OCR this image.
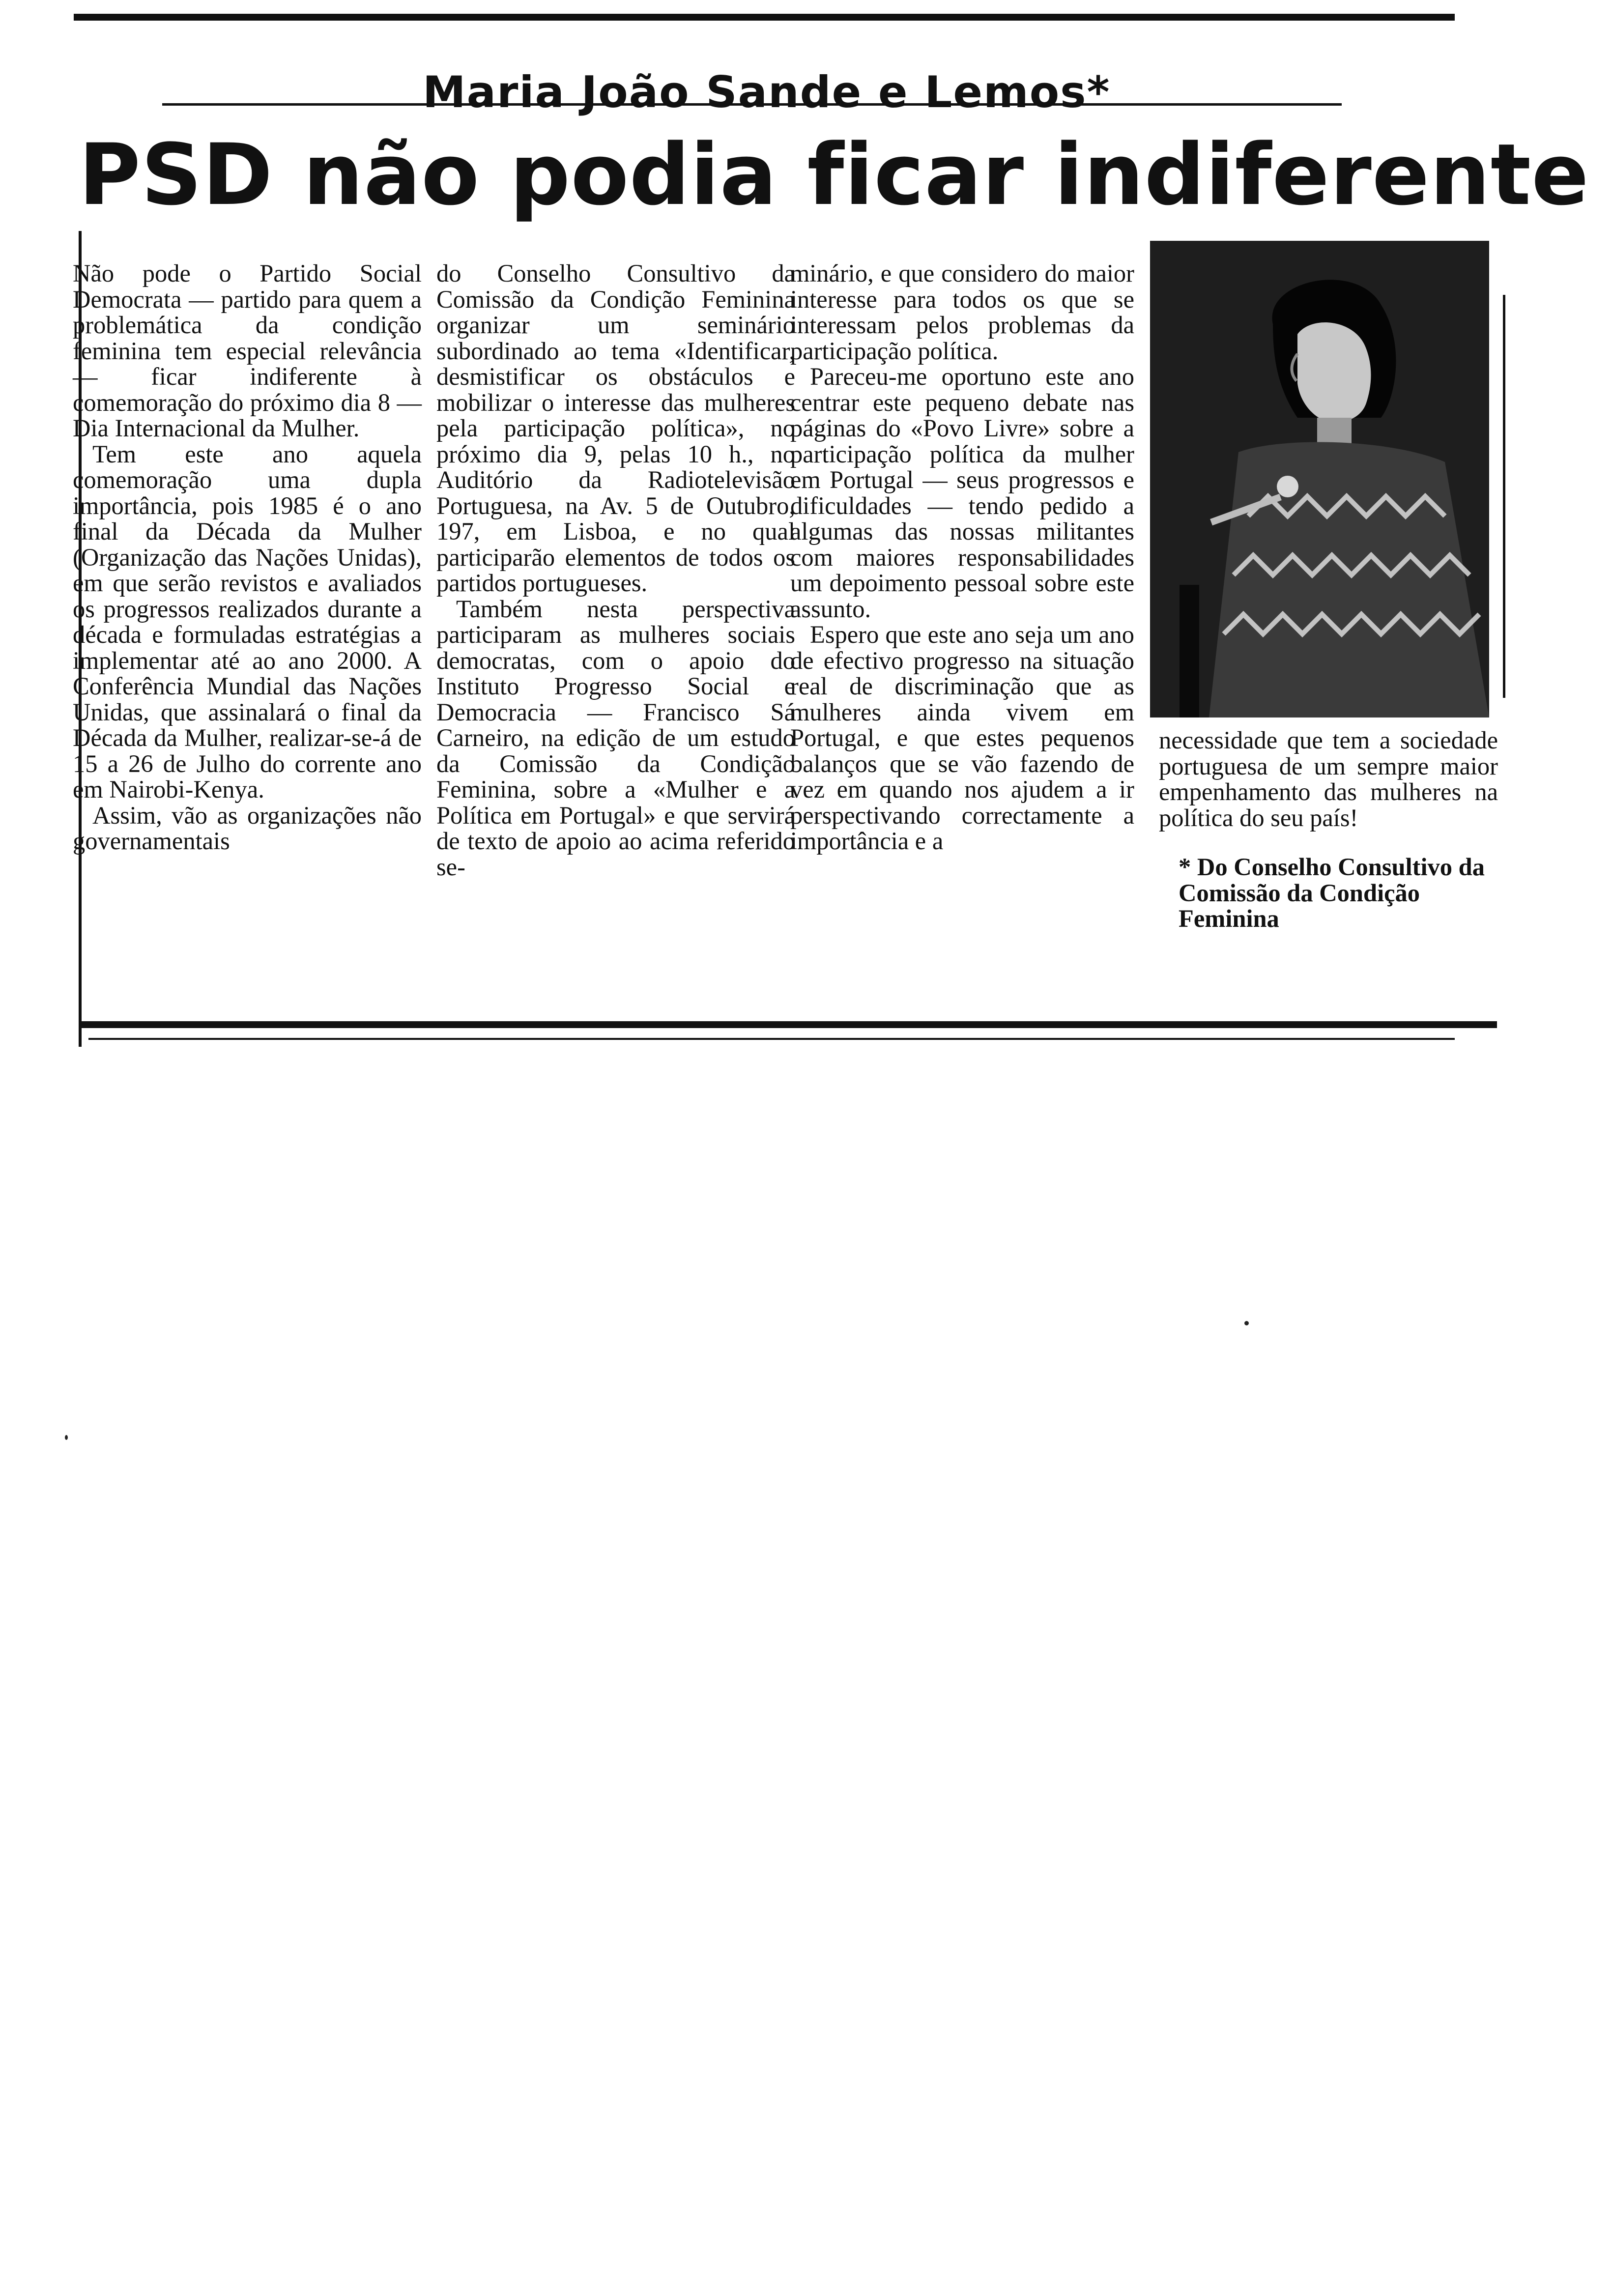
Maria João Sande e Lemos*
PSD não podia ficar indiferente

Não pode o Partido Social Democrata — partido para quem a problemática da condição feminina tem especial relevância — ficar indiferente à comemoração do próximo dia 8 — Dia Internacional da Mulher.

Tem este ano aquela comemoração uma dupla importância, pois 1985 é o ano final da Década da Mulher (Organização das Nações Unidas), em que serão revistos e avaliados os progressos realizados durante a década e formuladas estratégias a implementar até ao ano 2000. A Conferência Mundial das Nações Unidas, que assinalará o final da Década da Mulher, realizar-se-á de 15 a 26 de Julho do corrente ano em Nairobi-Kenya.

Assim, vão as organizações não governamentais

do Conselho Consultivo da Comissão da Condição Feminina organizar um seminário subordinado ao tema «Identificar, desmistificar os obstáculos e mobilizar o interesse das mulheres pela participação política», no próximo dia 9, pelas 10 h., no Auditório da Radiotelevisão Portuguesa, na Av. 5 de Outubro, 197, em Lisboa, e no qual participarão elementos de todos os partidos portugueses.

Também nesta perspectiva participaram as mulheres sociais democratas, com o apoio do Instituto Progresso Social e Democracia — Francisco Sá Carneiro, na edição de um estudo da Comissão da Condição Feminina, sobre a «Mulher e a Política em Portugal» e que servirá de texto de apoio ao acima referido se-

minário, e que considero do maior interesse para todos os que se interessam pelos problemas da participação política.

Pareceu-me oportuno este ano centrar este pequeno debate nas páginas do «Povo Livre» sobre a participação política da mulher em Portugal — seus progressos e dificuldades — tendo pedido a algumas das nossas militantes com maiores responsabilidades um depoimento pessoal sobre este assunto.

Espero que este ano seja um ano de efectivo progresso na situação real de discriminação que as mulheres ainda vivem em Portugal, e que estes pequenos balanços que se vão fazendo de vez em quando nos ajudem a ir perspectivando correctamente a importância e a

necessidade que tem a sociedade portuguesa de um sempre maior empenhamento das mulheres na política do seu país!

* Do Conselho Consultivo da Comissão da Condição Feminina
